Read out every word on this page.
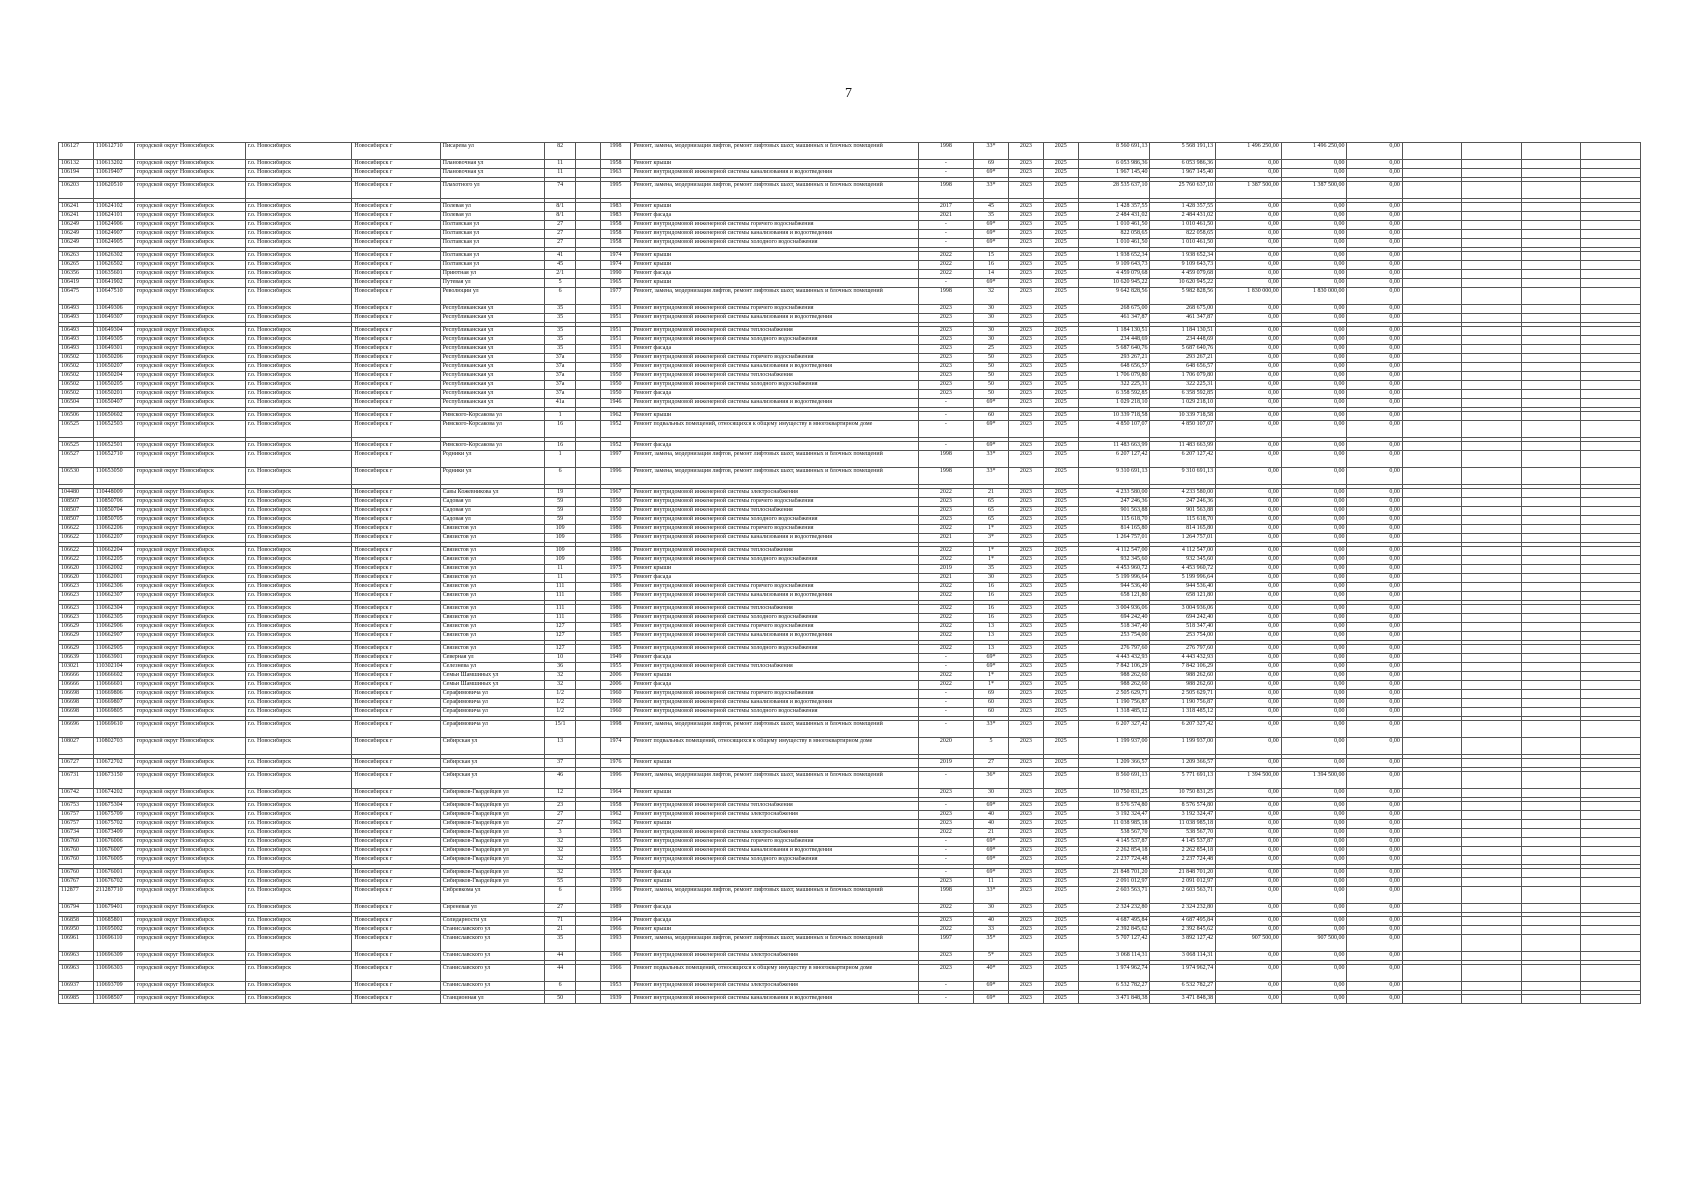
7
106127	110612710	городской округ Новосибирск	г.о. Новосибирск	Новосибирск г	Писарева ул	82		1998	Ремонт, замена, модернизация лифтов, ремонт лифтовых шахт, машинных и блочных помещений	1998	33*	2023	2025	8 560 691,13	5 568 191,13	1 496 250,00	1 496 250,00	0,00				
106132	110613202	городской округ Новосибирск	г.о. Новосибирск	Новосибирск г	Плановочная ул	11		1958	Ремонт крыши	-	69	2023	2025	6 053 986,36	6 053 986,36	0,00	0,00	0,00				
106194	110619407	городской округ Новосибирск	г.о. Новосибирск	Новосибирск г	Плановочная ул	11		1963	Ремонт внутридомовой инженерной системы канализования и водоотведения	-	69*	2023	2025	1 967 145,40	1 967 145,40	0,00	0,00	0,00				

106203	110620510	городской округ Новосибирск	г.о. Новосибирск	Новосибирск г	Плахотного ул	74		1995	Ремонт, замена, модернизация лифтов, ремонт лифтовых шахт, машинных и блочных помещений	1998	33*	2023	2025	28 535 637,10	25 760 637,10	1 387 500,00	1 387 500,00	0,00				

106241	110624102	городской округ Новосибирск	г.о. Новосибирск	Новосибирск г	Полевая ул	8/1		1983	Ремонт крыши	2017	45	2023	2025	1 428 357,55	1 428 357,55	0,00	0,00	0,00				
106241	110624101	городской округ Новосибирск	г.о. Новосибирск	Новосибирск г	Полевая ул	8/1		1983	Ремонт фасада	2021	35	2023	2025	2 484 431,02	2 484 431,02	0,00	0,00	0,00				
106249	110624906	городской округ Новосибирск	г.о. Новосибирск	Новосибирск г	Полтавская ул	27		1958	Ремонт внутридомовой инженерной системы горячего водоснабжения	-	69*	2023	2025	1 010 461,50	1 010 461,50	0,00	0,00	0,00				
106249	110624907	городской округ Новосибирск	г.о. Новосибирск	Новосибирск г	Полтавская ул	27		1958	Ремонт внутридомовой инженерной системы канализования и водоотведения	-	69*	2023	2025	822 058,65	822 058,65	0,00	0,00	0,00				
106249	110624905	городской округ Новосибирск	г.о. Новосибирск	Новосибирск г	Полтавская ул	27		1958	Ремонт внутридомовой инженерной системы холодного водоснабжения	-	69*	2023	2025	1 010 461,50	1 010 461,50	0,00	0,00	0,00				

106263	110626302	городской округ Новосибирск	г.о. Новосибирск	Новосибирск г	Полтавская ул	41		1974	Ремонт крыши	2022	15	2023	2025	1 938 652,34	1 938 652,34	0,00	0,00	0,00				
106265	110626502	городской округ Новосибирск	г.о. Новосибирск	Новосибирск г	Полтавская ул	45		1974	Ремонт крыши	2022	16	2023	2025	9 109 643,73	9 109 643,73	0,00	0,00	0,00				
106356	110635601	городской округ Новосибирск	г.о. Новосибирск	Новосибирск г	Приютная ул	2/1		1990	Ремонт фасада	2022	14	2023	2025	4 459 079,68	4 459 079,68	0,00	0,00	0,00				
106419	110641902	городской округ Новосибирск	г.о. Новосибирск	Новосибирск г	Путевая ул	5		1965	Ремонт крыши	-	69*	2023	2025	10 620 945,22	10 620 945,22	0,00	0,00	0,00				
106475	110647510	городской округ Новосибирск	г.о. Новосибирск	Новосибирск г	Революции ул	6		1977	Ремонт, замена, модернизация лифтов, ремонт лифтовых шахт, машинных и блочных помещений	1998	32	2023	2025	9 642 828,56	5 982 828,56	1 830 000,00	1 830 000,00	0,00				
106493	110649306	городской округ Новосибирск	г.о. Новосибирск	Новосибирск г	Республиканская ул	35		1951	Ремонт внутридомовой инженерной системы горячего водоснабжения	2023	30	2023	2025	268 675,00	268 675,00	0,00	0,00	0,00				
106493	110649307	городской округ Новосибирск	г.о. Новосибирск	Новосибирск г	Республиканская ул	35		1951	Ремонт внутридомовой инженерной системы канализования и водоотведения	2023	30	2023	2025	461 347,87	461 347,87	0,00	0,00	0,00				

106493	110649304	городской округ Новосибирск	г.о. Новосибирск	Новосибирск г	Республиканская ул	35		1951	Ремонт внутридомовой инженерной системы теплоснабжения	2023	30	2023	2025	1 184 130,51	1 184 130,51	0,00	0,00	0,00				
106493	110649305	городской округ Новосибирск	г.о. Новосибирск	Новосибирск г	Республиканская ул	35		1951	Ремонт внутридомовой инженерной системы холодного водоснабжения	2023	30	2023	2025	234 448,69	234 448,69	0,00	0,00	0,00				
106493	110649301	городской округ Новосибирск	г.о. Новосибирск	Новосибирск г	Республиканская ул	35		1951	Ремонт фасада	2023	25	2023	2025	5 687 640,76	5 687 640,76	0,00	0,00	0,00				
106502	110650206	городской округ Новосибирск	г.о. Новосибирск	Новосибирск г	Республиканская ул	37а		1950	Ремонт внутридомовой инженерной системы горячего водоснабжения	2023	50	2023	2025	293 267,21	293 267,21	0,00	0,00	0,00				
106502	110650207	городской округ Новосибирск	г.о. Новосибирск	Новосибирск г	Республиканская ул	37а		1950	Ремонт внутридомовой инженерной системы канализования и водоотведения	2023	50	2023	2025	648 656,57	648 656,57	0,00	0,00	0,00				
106502	110650204	городской округ Новосибирск	г.о. Новосибирск	Новосибирск г	Республиканская ул	37а		1950	Ремонт внутридомовой инженерной системы теплоснабжения	2023	50	2023	2025	1 706 079,80	1 706 079,80	0,00	0,00	0,00				
106502	110650205	городской округ Новосибирск	г.о. Новосибирск	Новосибирск г	Республиканская ул	37а		1950	Ремонт внутридомовой инженерной системы холодного водоснабжения	2023	50	2023	2025	322 225,31	322 225,31	0,00	0,00	0,00				
106502	110650201	городской округ Новосибирск	г.о. Новосибирск	Новосибирск г	Республиканская ул	37а		1950	Ремонт фасада	2023	50	2023	2025	6 358 592,85	6 358 592,85	0,00	0,00	0,00				
106504	110650407	городской округ Новосибирск	г.о. Новосибирск	Новосибирск г	Республиканская ул	41а		1946	Ремонт внутридомовой инженерной системы канализования и водоотведения	-	69*	2023	2025	1 029 218,10	1 029 218,10	0,00	0,00	0,00				

106506	110650602	городской округ Новосибирск	г.о. Новосибирск	Новосибирск г	Римского-Корсакова ул	1		1962	Ремонт крыши	-	60	2023	2025	10 339 718,58	10 339 718,58	0,00	0,00	0,00				
106525	110652503	городской округ Новосибирск	г.о. Новосибирск	Новосибирск г	Римского-Корсакова ул	16		1952	Ремонт подвальных помещений, относящихся к общему имуществу в многоквартирном доме	-	69*	2023	2025	4 850 107,07	4 850 107,07	0,00	0,00	0,00				

106525	110652501	городской округ Новосибирск	г.о. Новосибирск	Новосибирск г	Римского-Корсакова ул	16		1952	Ремонт фасада	-	69*	2023	2025	11 483 663,99	11 483 663,99	0,00	0,00	0,00				
106527	110652710	городской округ Новосибирск	г.о. Новосибирск	Новосибирск г	Родники ул	1		1997	Ремонт, замена, модернизация лифтов, ремонт лифтовых шахт, машинных и блочных помещений	1998	33*	2023	2025	6 207 127,42	6 207 127,42	0,00	0,00	0,00				
106530	110653050	городской округ Новосибирск	г.о. Новосибирск	Новосибирск г	Родники ул	6		1996	Ремонт, замена, модернизация лифтов, ремонт лифтовых шахт, машинных и блочных помещений	1998	33*	2023	2025	9 310 691,13	9 310 691,13	0,00	0,00	0,00				

104480	110448009	городской округ Новосибирск	г.о. Новосибирск	Новосибирск г	Савы Кожевникова ул	19		1967	Ремонт внутридомовой инженерной системы электроснабжения	2022	21	2023	2025	4 233 580,00	4 233 580,00	0,00	0,00	0,00				
108507	110850706	городской округ Новосибирск	г.о. Новосибирск	Новосибирск г	Садовая ул	59		1950	Ремонт внутридомовой инженерной системы горячего водоснабжения	2023	65	2023	2025	247 246,36	247 246,36	0,00	0,00	0,00				
108507	110850704	городской округ Новосибирск	г.о. Новосибирск	Новосибирск г	Садовая ул	59		1950	Ремонт внутридомовой инженерной системы теплоснабжения	2023	65	2023	2025	901 563,88	901 563,88	0,00	0,00	0,00				
108507	110850705	городской округ Новосибирск	г.о. Новосибирск	Новосибирск г	Садовая ул	59		1950	Ремонт внутридомовой инженерной системы холодного водоснабжения	2023	65	2023	2025	115 618,70	115 618,70	0,00	0,00	0,00				
106622	110662206	городской округ Новосибирск	г.о. Новосибирск	Новосибирск г	Связистов ул	109		1986	Ремонт внутридомовой инженерной системы горячего водоснабжения	2022	1*	2023	2025	814 165,80	814 165,80	0,00	0,00	0,00				
106622	110662207	городской округ Новосибирск	г.о. Новосибирск	Новосибирск г	Связистов ул	109		1986	Ремонт внутридомовой инженерной системы канализования и водоотведения	2021	3*	2023	2025	1 264 757,01	1 264 757,01	0,00	0,00	0,00				

106622	110662204	городской округ Новосибирск	г.о. Новосибирск	Новосибирск г	Связистов ул	109		1986	Ремонт внутридомовой инженерной системы теплоснабжения	2022	1*	2023	2025	4 112 547,00	4 112 547,00	0,00	0,00	0,00				
106622	110662205	городской округ Новосибирск	г.о. Новосибирск	Новосибирск г	Связистов ул	109		1986	Ремонт внутридомовой инженерной системы холодного водоснабжения	2022	1*	2023	2025	932 345,60	932 345,60	0,00	0,00	0,00				
106620	110662002	городской округ Новосибирск	г.о. Новосибирск	Новосибирск г	Связистов ул	11		1975	Ремонт крыши	2019	35	2023	2025	4 453 960,72	4 453 960,72	0,00	0,00	0,00				
106620	110662001	городской округ Новосибирск	г.о. Новосибирск	Новосибирск г	Связистов ул	11		1975	Ремонт фасада	2021	30	2023	2025	5 199 996,64	5 199 996,64	0,00	0,00	0,00				
106623	110662306	городской округ Новосибирск	г.о. Новосибирск	Новосибирск г	Связистов ул	111		1986	Ремонт внутридомовой инженерной системы горячего водоснабжения	2022	16	2023	2025	944 536,40	944 536,40	0,00	0,00	0,00				
106623	110662307	городской округ Новосибирск	г.о. Новосибирск	Новосибирск г	Связистов ул	111		1986	Ремонт внутридомовой инженерной системы канализования и водоотведения	2022	16	2023	2025	658 121,80	658 121,80	0,00	0,00	0,00				

106623	110662304	городской округ Новосибирск	г.о. Новосибирск	Новосибирск г	Связистов ул	111		1986	Ремонт внутридомовой инженерной системы теплоснабжения	2022	16	2023	2025	3 004 936,06	3 004 936,06	0,00	0,00	0,00				
106623	110662305	городской округ Новосибирск	г.о. Новосибирск	Новосибирск г	Связистов ул	111		1986	Ремонт внутридомовой инженерной системы холодного водоснабжения	2022	16	2023	2025	694 242,40	694 242,40	0,00	0,00	0,00				
106629	110662906	городской округ Новосибирск	г.о. Новосибирск	Новосибирск г	Связистов ул	127		1985	Ремонт внутридомовой инженерной системы горячего водоснабжения	2022	13	2023	2025	518 347,40	518 347,40	0,00	0,00	0,00				
106629	110662907	городской округ Новосибирск	г.о. Новосибирск	Новосибирск г	Связистов ул	127		1985	Ремонт внутридомовой инженерной системы канализования и водоотведения	2022	13	2023	2025	253 754,00	253 754,00	0,00	0,00	0,00				

106629	110662905	городской округ Новосибирск	г.о. Новосибирск	Новосибирск г	Связистов ул	127		1985	Ремонт внутридомовой инженерной системы холодного водоснабжения	2022	13	2023	2025	276 797,60	276 797,60	0,00	0,00	0,00				
106639	110663901	городской округ Новосибирск	г.о. Новосибирск	Новосибирск г	Северная ул	10		1949	Ремонт фасада	-	69*	2023	2025	4 443 432,93	4 443 432,93	0,00	0,00	0,00				
103021	110302104	городской округ Новосибирск	г.о. Новосибирск	Новосибирск г	Селезнева ул	36		1955	Ремонт внутридомовой инженерной системы теплоснабжения	-	69*	2023	2025	7 842 106,29	7 842 106,29	0,00	0,00	0,00				
106666	110666602	городской округ Новосибирск	г.о. Новосибирск	Новосибирск г	Семьи Шамшиных ул	32		2006	Ремонт крыши	2022	1*	2023	2025	988 262,60	988 262,60	0,00	0,00	0,00				
106666	110666601	городской округ Новосибирск	г.о. Новосибирск	Новосибирск г	Семьи Шамшиных ул	32		2006	Ремонт фасада	2022	1*	2023	2025	988 262,60	988 262,60	0,00	0,00	0,00				
106698	110669806	городской округ Новосибирск	г.о. Новосибирск	Новосибирск г	Серафимовича ул	1/2		1960	Ремонт внутридомовой инженерной системы горячего водоснабжения	-	69	2023	2025	2 505 629,71	2 505 629,71	0,00	0,00	0,00				
106698	110669807	городской округ Новосибирск	г.о. Новосибирск	Новосибирск г	Серафимовича ул	1/2		1960	Ремонт внутридомовой инженерной системы канализования и водоотведения	-	60	2023	2025	1 190 756,87	1 190 756,87	0,00	0,00	0,00				
106698	110669805	городской округ Новосибирск	г.о. Новосибирск	Новосибирск г	Серафимовича ул	1/2		1960	Ремонт внутридомовой инженерной системы холодного водоснабжения	-	60	2023	2025	1 318 485,12	1 318 485,12	0,00	0,00	0,00				

106696	110669610	городской округ Новосибирск	г.о. Новосибирск	Новосибирск г	Серафимовича ул	15/1		1998	Ремонт, замена, модернизация лифтов, ремонт лифтовых шахт, машинных и блочных помещений	-	33*	2023	2025	6 207 327,42	6 207 327,42	0,00	0,00	0,00				
108027	110802703	городской округ Новосибирск	г.о. Новосибирск	Новосибирск г	Сибирская ул	13		1974	Ремонт подвальных помещений, относящихся к общему имуществу в многоквартирном доме	2020	5	2023	2025	1 199 937,00	1 199 937,00	0,00	0,00	0,00				

106727	110672702	городской округ Новосибирск	г.о. Новосибирск	Новосибирск г	Сибирская ул	37		1976	Ремонт крыши	2019	27	2023	2025	1 209 366,57	1 209 366,57	0,00	0,00	0,00				

106731	110673150	городской округ Новосибирск	г.о. Новосибирск	Новосибирск г	Сибирская ул	46		1996	Ремонт, замена, модернизация лифтов, ремонт лифтовых шахт, машинных и блочных помещений	-	36*	2023	2025	8 560 691,13	5 771 691,13	1 394 500,00	1 394 500,00	0,00				
106742	110674202	городской округ Новосибирск	г.о. Новосибирск	Новосибирск г	Сибиряков-Гвардейцев ул	12		1964	Ремонт крыши	2023	30	2023	2025	10 750 831,25	10 750 831,25	0,00	0,00	0,00				

106753	110675304	городской округ Новосибирск	г.о. Новосибирск	Новосибирск г	Сибиряков-Гвардейцев ул	23		1958	Ремонт внутридомовой инженерной системы теплоснабжения	-	69*	2023	2025	8 576 574,80	8 576 574,80	0,00	0,00	0,00				
106757	110675709	городской округ Новосибирск	г.о. Новосибирск	Новосибирск г	Сибиряков-Гвардейцев ул	27		1962	Ремонт внутридомовой инженерной системы электроснабжения	2023	40	2023	2025	3 192 324,47	3 192 324,47	0,00	0,00	0,00				
106757	110675702	городской округ Новосибирск	г.о. Новосибирск	Новосибирск г	Сибиряков-Гвардейцев ул	27		1962	Ремонт крыши	2023	40	2023	2025	11 038 985,18	11 038 985,18	0,00	0,00	0,00				
106734	110673409	городской округ Новосибирск	г.о. Новосибирск	Новосибирск г	Сибиряков-Гвардейцев ул	3		1963	Ремонт внутридомовой инженерной системы электроснабжения	2022	21	2023	2025	538 567,70	538 567,70	0,00	0,00	0,00				
106760	110676006	городской округ Новосибирск	г.о. Новосибирск	Новосибирск г	Сибиряков-Гвардейцев ул	32		1955	Ремонт внутридомовой инженерной системы горячего водоснабжения	-	69*	2023	2025	4 145 537,87	4 145 537,87	0,00	0,00	0,00				
106760	110676007	городской округ Новосибирск	г.о. Новосибирск	Новосибирск г	Сибиряков-Гвардейцев ул	32		1955	Ремонт внутридомовой инженерной системы канализования и водоотведения	-	69*	2023	2025	2 262 854,18	2 262 854,18	0,00	0,00	0,00				
106760	110676005	городской округ Новосибирск	г.о. Новосибирск	Новосибирск г	Сибиряков-Гвардейцев ул	32		1955	Ремонт внутридомовой инженерной системы холодного водоснабжения	-	69*	2023	2025	2 237 724,48	2 237 724,48	0,00	0,00	0,00				

106760	110676001	городской округ Новосибирск	г.о. Новосибирск	Новосибирск г	Сибиряков-Гвардейцев ул	32		1955	Ремонт фасада	-	69*	2023	2025	21 848 701,20	21 848 701,20	0,00	0,00	0,00				
106767	110676702	городской округ Новосибирск	г.о. Новосибирск	Новосибирск г	Сибиряков-Гвардейцев ул	55		1970	Ремонт крыши	2023	11	2023	2025	2 091 012,97	2 091 012,97	0,00	0,00	0,00				
112877	211287710	городской округ Новосибирск	г.о. Новосибирск	Новосибирск г	Сибревкома ул	6		1996	Ремонт, замена, модернизация лифтов, ремонт лифтовых шахт, машинных и блочных помещений	1998	33*	2023	2025	2 603 563,71	2 603 563,71	0,00	0,00	0,00				
106794	110679401	городской округ Новосибирск	г.о. Новосибирск	Новосибирск г	Сиреневая ул	27		1989	Ремонт фасада	2022	30	2023	2025	2 324 232,80	2 324 232,80	0,00	0,00	0,00				

106858	110685801	городской округ Новосибирск	г.о. Новосибирск	Новосибирск г	Солидарности ул	71		1964	Ремонт фасада	2023	40	2023	2025	4 687 495,84	4 687 495,84	0,00	0,00	0,00				
106950	110695002	городской округ Новосибирск	г.о. Новосибирск	Новосибирск г	Станиславского ул	21		1966	Ремонт крыши	2022	33	2023	2025	2 392 845,62	2 392 845,62	0,00	0,00	0,00				
106961	110696110	городской округ Новосибирск	г.о. Новосибирск	Новосибирск г	Станиславского ул	35		1993	Ремонт, замена, модернизация лифтов, ремонт лифтовых шахт, машинных и блочных помещений	1997	35*	2023	2025	5 707 127,42	3 892 127,42	907 500,00	907 500,00	0,00				
106963	110696309	городской округ Новосибирск	г.о. Новосибирск	Новосибирск г	Станиславского ул	44		1966	Ремонт внутридомовой инженерной системы электроснабжения	2023	5*	2023	2025	3 068 114,31	3 068 114,31	0,00	0,00	0,00				

106963	110696303	городской округ Новосибирск	г.о. Новосибирск	Новосибирск г	Станиславского ул	44		1966	Ремонт подвальных помещений, относящихся к общему имуществу в многоквартирном доме	2023	40*	2023	2025	1 974 962,74	1 974 962,74	0,00	0,00	0,00				
106937	110693709	городской округ Новосибирск	г.о. Новосибирск	Новосибирск г	Станиславского ул	6		1953	Ремонт внутридомовой инженерной системы электроснабжения	-	69*	2023	2025	6 532 782,27	6 532 782,27	0,00	0,00	0,00				

106985	110698507	городской округ Новосибирск	г.о. Новосибирск	Новосибирск г	Станционная ул	50		1939	Ремонт внутридомовой инженерной системы канализования и водоотведения	-	69*	2023	2025	3 471 848,38	3 471 848,38	0,00	0,00	0,00				
